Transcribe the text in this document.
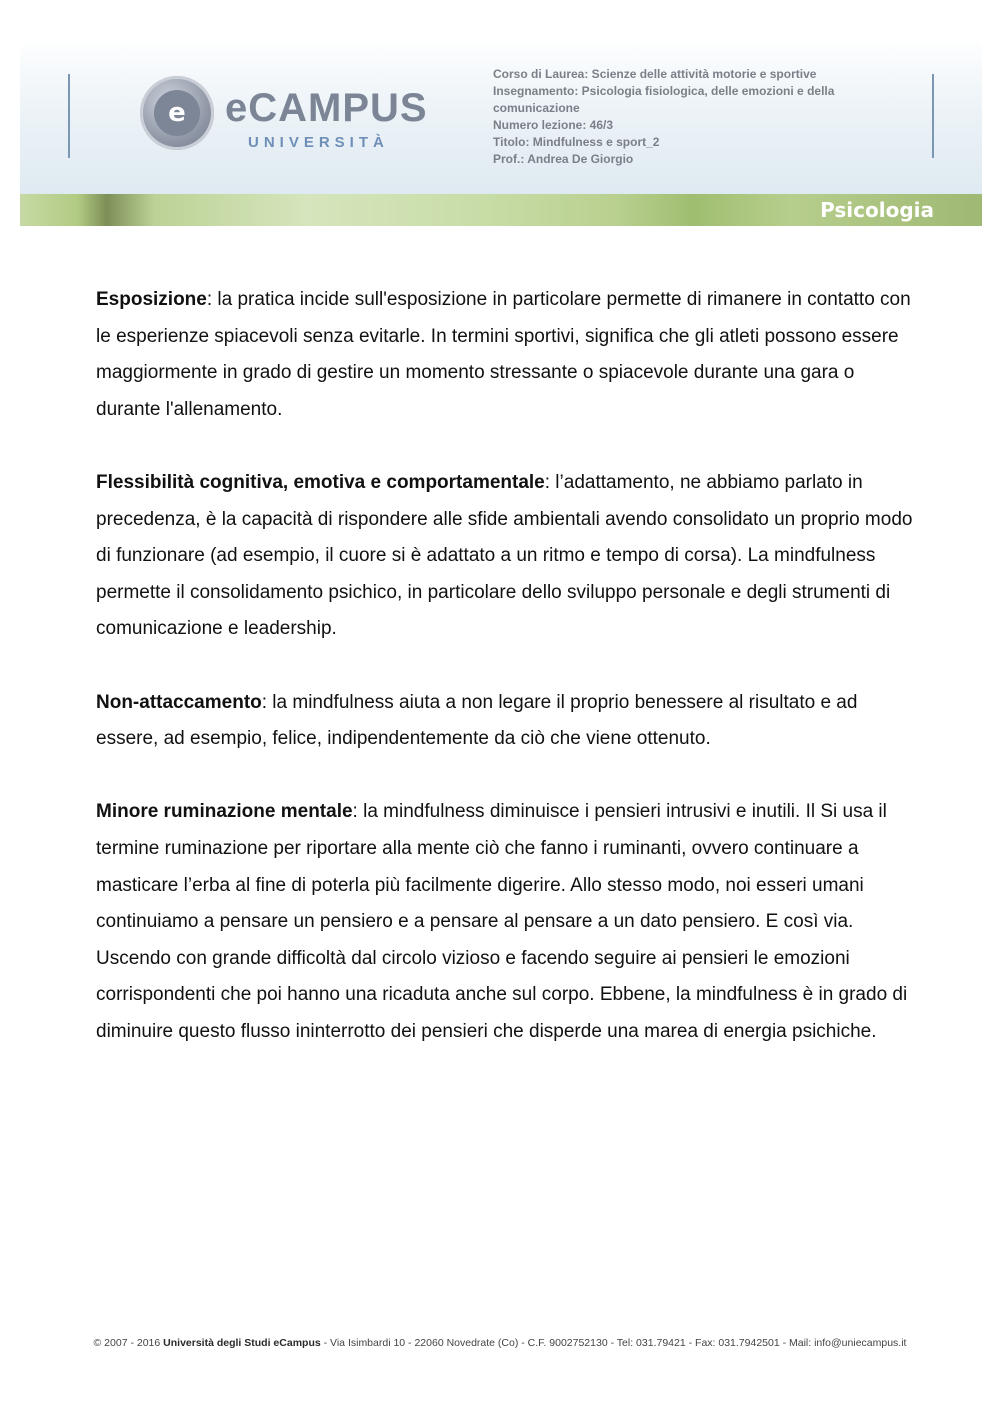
e eCAMPUS
UNIVERSITÀ
Corso di Laurea: Scienze delle attività motorie e sportive
Insegnamento: Psicologia fisiologica, delle emozioni e della
comunicazione
Numero lezione: 46/3
Titolo: Mindfulness e sport_2
Prof.: Andrea De Giorgio
Psicologia

Esposizione: la pratica incide sull'esposizione in particolare permette di rimanere in contatto con le esperienze spiacevoli senza evitarle. In termini sportivi, significa che gli atleti possono essere maggiormente in grado di gestire un momento stressante o spiacevole durante una gara o durante l'allenamento.

Flessibilità cognitiva, emotiva e comportamentale: l’adattamento, ne abbiamo parlato in precedenza, è la capacità di rispondere alle sfide ambientali avendo consolidato un proprio modo di funzionare (ad esempio, il cuore si è adattato a un ritmo e tempo di corsa). La mindfulness permette il consolidamento psichico, in particolare dello sviluppo personale e degli strumenti di comunicazione e leadership.

Non-attaccamento: la mindfulness aiuta a non legare il proprio benessere al risultato e ad essere, ad esempio, felice, indipendentemente da ciò che viene ottenuto.

Minore ruminazione mentale: la mindfulness diminuisce i pensieri intrusivi e inutili. Il Si usa il termine ruminazione per riportare alla mente ciò che fanno i ruminanti, ovvero continuare a masticare l’erba al fine di poterla più facilmente digerire. Allo stesso modo, noi esseri umani continuiamo a pensare un pensiero e a pensare al pensare a un dato pensiero. E così via. Uscendo con grande difficoltà dal circolo vizioso e facendo seguire ai pensieri le emozioni corrispondenti che poi hanno una ricaduta anche sul corpo. Ebbene, la mindfulness è in grado di diminuire questo flusso ininterrotto dei pensieri che disperde una marea di energia psichiche.

© 2007 - 2016 Università degli Studi eCampus - Via Isimbardi 10 - 22060 Novedrate (Co) - C.F. 9002752130 - Tel: 031.79421 - Fax: 031.7942501 - Mail: info@uniecampus.it
